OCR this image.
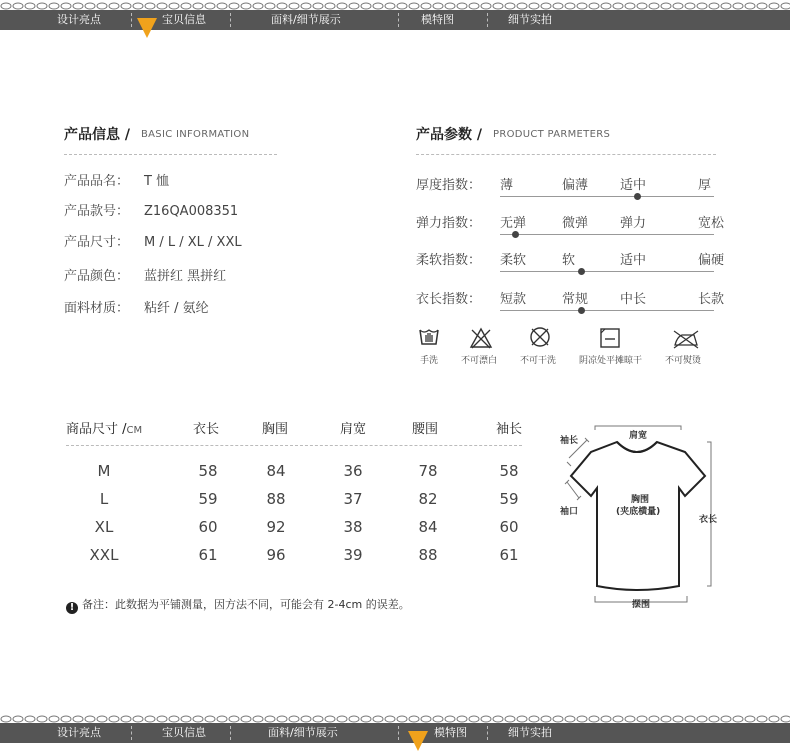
设计亮点	宝贝信息	面料/细节展示	模特图	细节实拍
产品信息 / BASIC INFORMATION
产品品名： T 恤
产品款号： Z16QA008351
产品尺寸： M / L / XL / XXL
产品颜色： 蓝拼红 黑拼红
面料材质： 粘纤 / 氨纶
产品参数 / PRODUCT PARMETERS
厚度指数： 薄	偏薄 适中	厚
弹力指数： 无弹	微弹 弹力	宽松
柔软指数： 柔软	软	适中	偏硬
衣长指数： 短款	常规 中长	长款
手洗	不可漂白	不可干洗	阴凉处平摊晾干	不可熨烫
商品尺寸 /CM	衣长	胸围	肩宽	腰围	袖长
M	58	84	36	78	58
L	59	88	37	82	59
XL	60	92	38	84	60
XXL	61	96	39	88	61
! 备注：此数据为平铺测量，因方法不同，可能会有 2-4cm 的误差。
肩宽
袖长
胸围
(夹底横量)
袖口
衣长
摆围
设计亮点	宝贝信息	面料/细节展示	模特图	细节实拍
